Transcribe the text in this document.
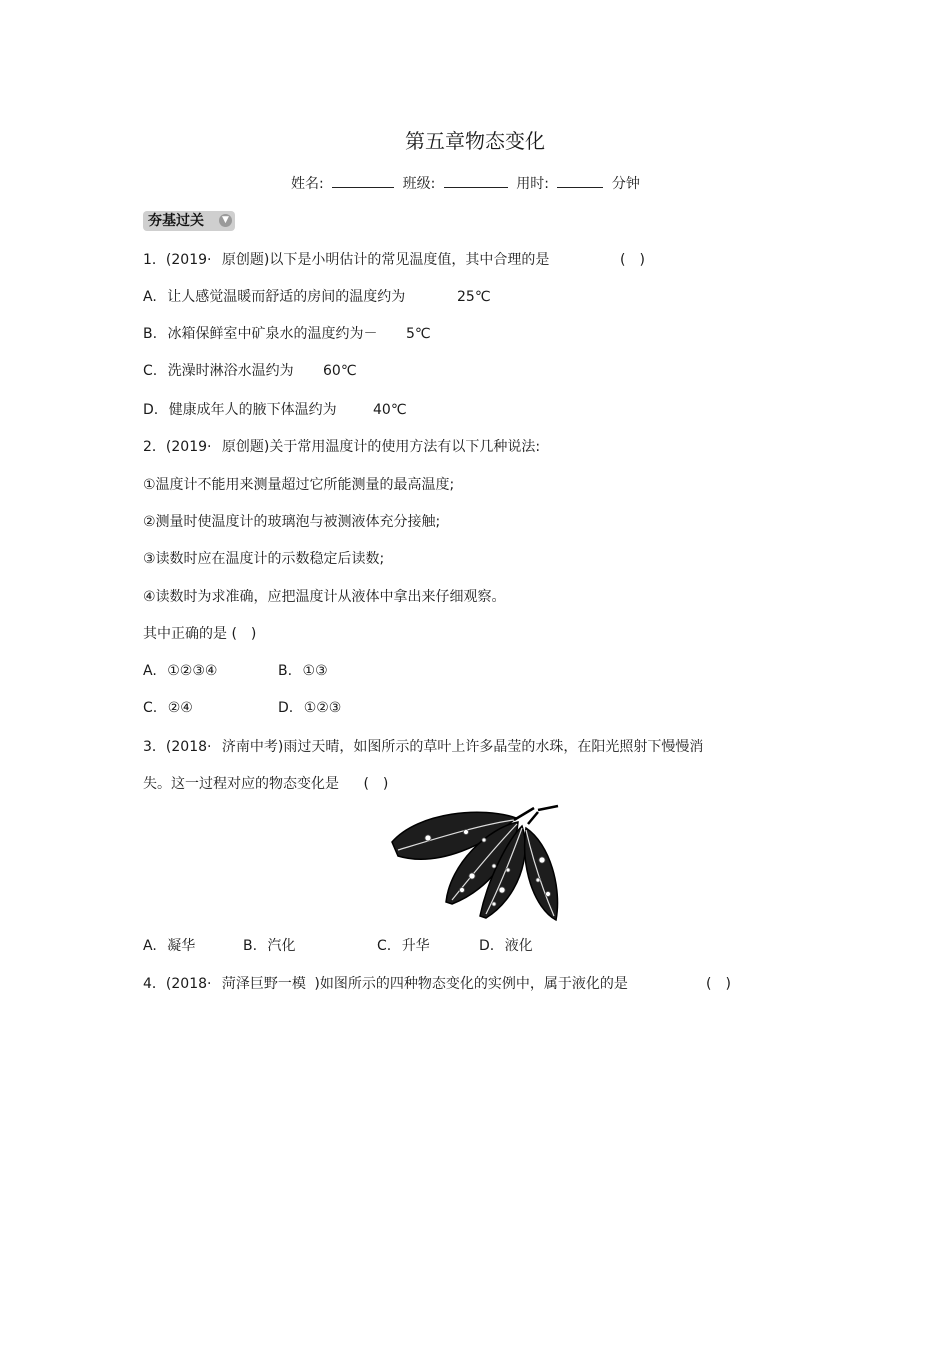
第五章物态变化
姓名:	班级:	用时:	分钟
夯基过关	▼
1．(2019· 原创题)以下是小明估计的常见温度值，其中合理的是	(　)
A. 让人感觉温暖而舒适的房间的温度约为	25℃
B. 冰箱保鲜室中矿泉水的温度约为－ 5℃
C. 洗澡时淋浴水温约为 60℃
D. 健康成年人的腋下体温约为	40℃
2．(2019· 原创题)关于常用温度计的使用方法有以下几种说法:
①温度计不能用来测量超过它所能测量的最高温度;
②测量时使温度计的玻璃泡与被测液体充分接触;
③读数时应在温度计的示数稳定后读数;
④读数时为求准确，应把温度计从液体中拿出来仔细观察。
其中正确的是 (　)
A. ①②③④	B. ①③
C. ②④	D. ①②③
3．(2018· 济南中考)雨过天晴，如图所示的草叶上许多晶莹的水珠，在阳光照射下慢慢消
失。这一过程对应的物态变化是 (　)
A. 凝华	B. 汽化	C. 升华	D. 液化
4．(2018· 菏泽巨野一模 )如图所示的四种物态变化的实例中，属于液化的是	(　)
